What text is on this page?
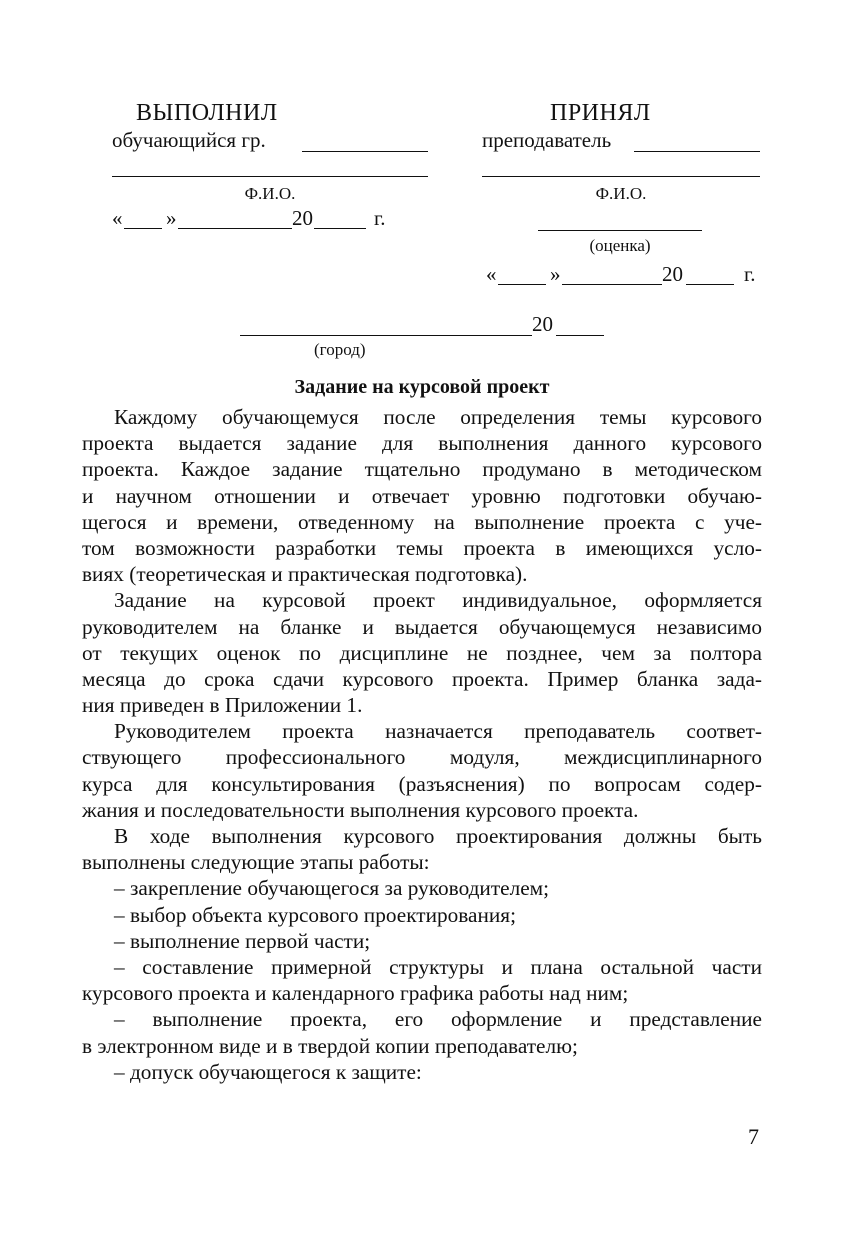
ВЫПОЛНИЛ
обучающийся гр.
Ф.И.О.
« »	20	г.
ПРИНЯЛ
преподаватель
Ф.И.О.
(оценка)
«	»	20	г.
20
(город)
Задание на курсовой проект
Каждому обучающемуся после определения темы курсового
проекта выдается задание для выполнения данного курсового
проекта. Каждое задание тщательно продумано в методическом
и научном отношении и отвечает уровню подготовки обучаю-
щегося и времени, отведенному на выполнение проекта с уче-
том возможности разработки темы проекта в имеющихся усло-
виях (теоретическая и практическая подготовка).
Задание на курсовой проект индивидуальное, оформляется
руководителем на бланке и выдается обучающемуся независимо
от текущих оценок по дисциплине не позднее, чем за полтора
месяца до срока сдачи курсового проекта. Пример бланка зада-
ния приведен в Приложении 1.
Руководителем проекта назначается преподаватель соответ-
ствующего профессионального модуля, междисциплинарного
курса для консультирования (разъяснения) по вопросам содер-
жания и последовательности выполнения курсового проекта.
В ходе выполнения курсового проектирования должны быть
выполнены следующие этапы работы:
– закрепление обучающегося за руководителем;
– выбор объекта курсового проектирования;
– выполнение первой части;
– составление примерной структуры и плана остальной части
курсового проекта и календарного графика работы над ним;
– выполнение проекта, его оформление и представление
в электронном виде и в твердой копии преподавателю;
– допуск обучающегося к защите:
7
